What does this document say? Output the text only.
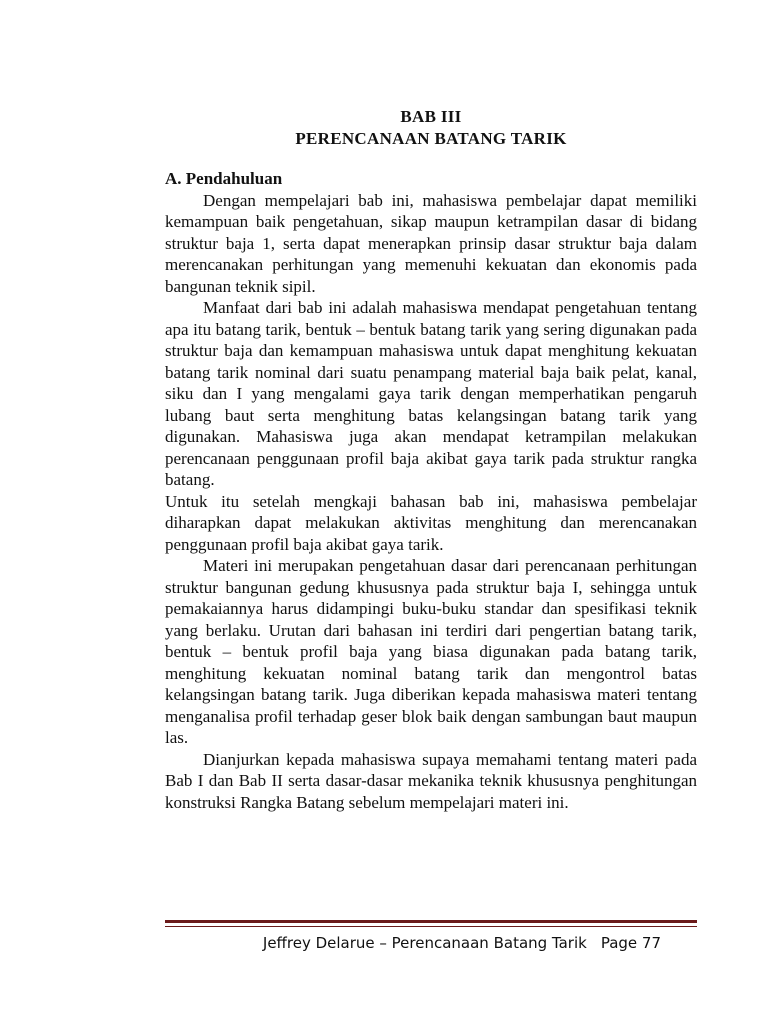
BAB III
PERENCANAAN BATANG TARIK

A. Pendahuluan

Dengan mempelajari bab ini, mahasiswa pembelajar dapat memiliki kemampuan baik pengetahuan, sikap maupun ketrampilan dasar di bidang struktur baja 1, serta dapat menerapkan prinsip dasar struktur baja dalam merencanakan perhitungan yang memenuhi kekuatan dan ekonomis pada bangunan teknik sipil.

Manfaat dari bab ini adalah mahasiswa mendapat pengetahuan tentang apa itu batang tarik, bentuk – bentuk batang tarik yang sering digunakan pada struktur baja dan kemampuan mahasiswa untuk dapat menghitung kekuatan batang tarik nominal dari suatu penampang material baja baik pelat, kanal, siku dan I yang mengalami gaya tarik dengan memperhatikan pengaruh lubang baut serta menghitung batas kelangsingan batang tarik yang digunakan. Mahasiswa juga akan mendapat ketrampilan melakukan perencanaan penggunaan profil baja akibat gaya tarik pada struktur rangka batang.

Untuk itu setelah mengkaji bahasan bab ini, mahasiswa pembelajar diharapkan dapat melakukan aktivitas menghitung dan merencanakan penggunaan profil baja akibat gaya tarik.

Materi ini merupakan pengetahuan dasar dari perencanaan perhitungan struktur bangunan gedung khususnya pada struktur baja I, sehingga untuk pemakaiannya harus didampingi buku-buku standar dan spesifikasi teknik yang berlaku. Urutan dari bahasan ini terdiri dari pengertian batang tarik, bentuk – bentuk profil baja yang biasa digunakan pada batang tarik, menghitung kekuatan nominal batang tarik dan mengontrol batas kelangsingan batang tarik. Juga diberikan kepada mahasiswa materi tentang menganalisa profil terhadap geser blok baik dengan sambungan baut maupun las.

Dianjurkan kepada mahasiswa supaya memahami tentang materi pada Bab I dan Bab II serta dasar-dasar mekanika teknik khususnya penghitungan konstruksi Rangka Batang sebelum mempelajari materi ini.

Jeffrey Delarue – Perencanaan Batang Tarik Page 77
